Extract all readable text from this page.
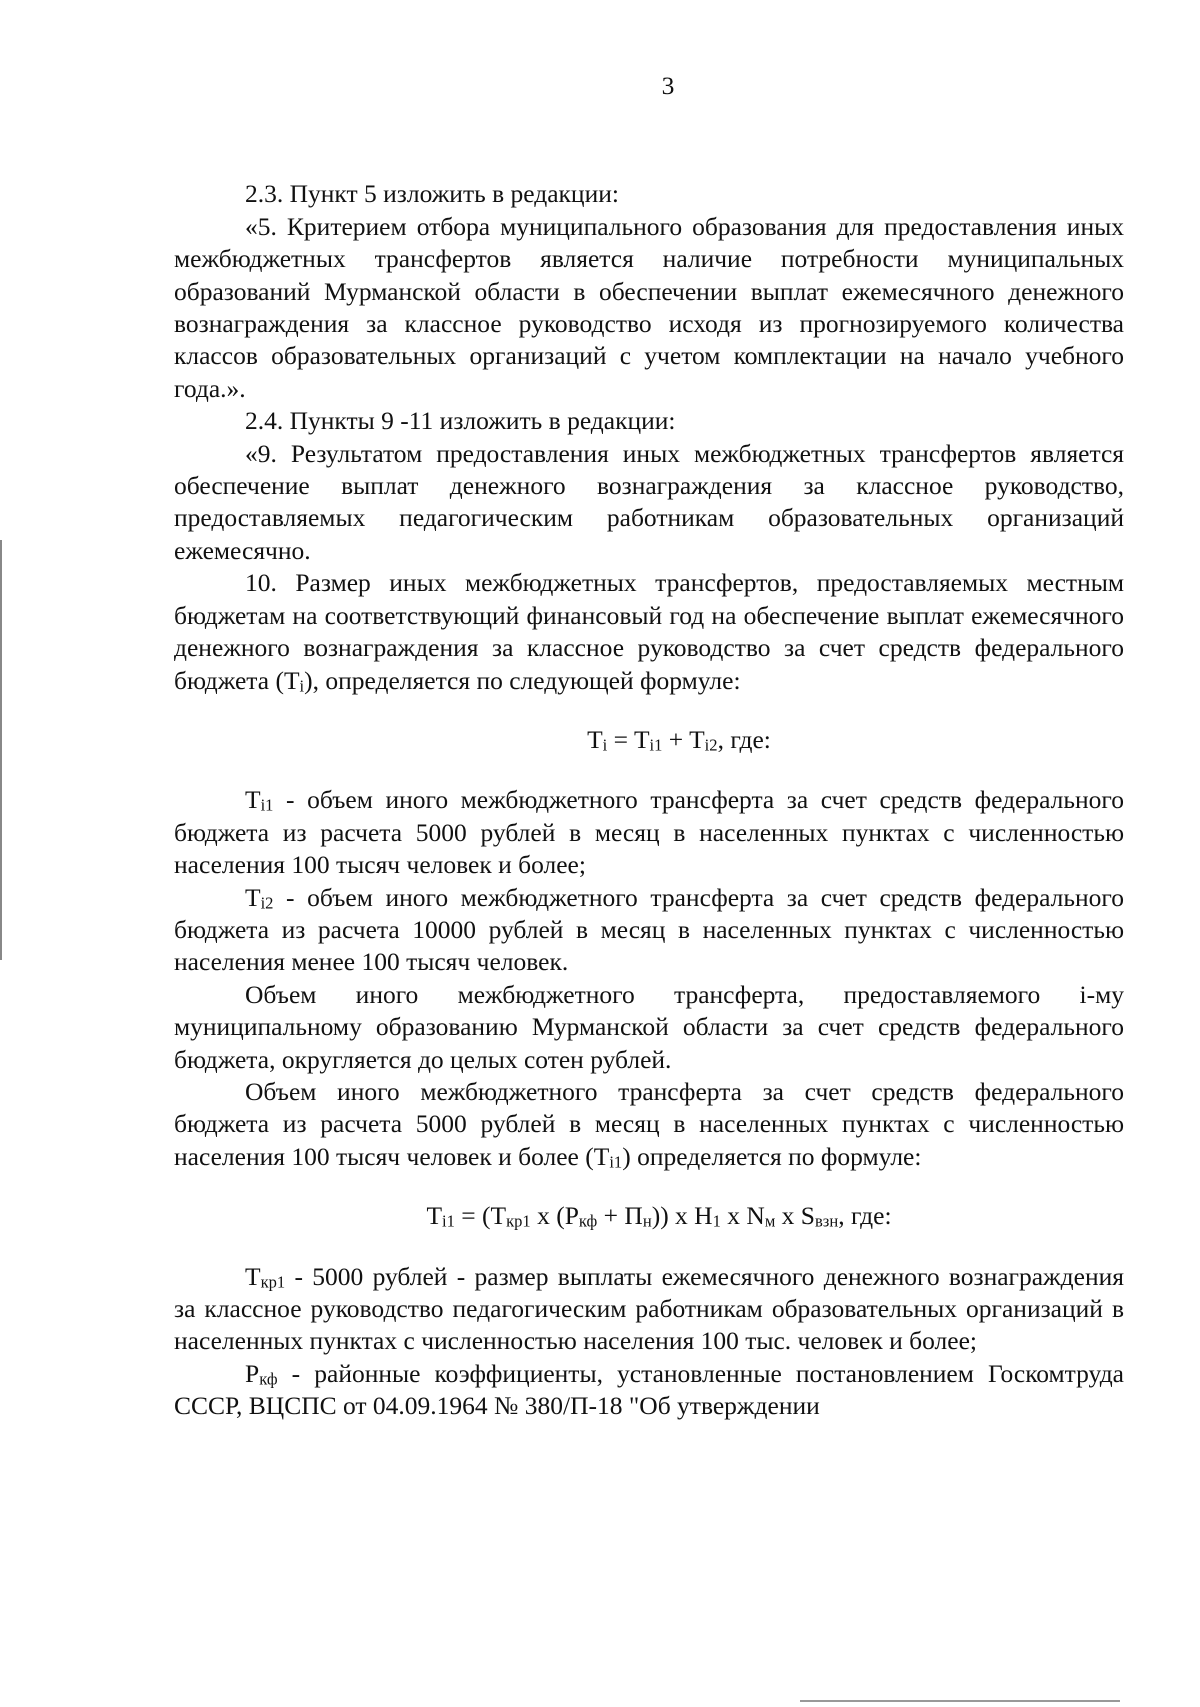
3

2.3. Пункт 5 изложить в редакции:

«5. Критерием отбора муниципального образования для предоставления иных межбюджетных трансфертов является наличие потребности муниципальных образований Мурманской области в обеспечении выплат ежемесячного денежного вознаграждения за классное руководство исходя из прогнозируемого количества классов образовательных организаций с учетом комплектации на начало учебного года.».

2.4. Пункты 9 -11 изложить в редакции:

«9. Результатом предоставления иных межбюджетных трансфертов является обеспечение выплат денежного вознаграждения за классное руководство, предоставляемых педагогическим работникам образовательных организаций ежемесячно.

10. Размер иных межбюджетных трансфертов, предоставляемых местным бюджетам на соответствующий финансовый год на обеспечение выплат ежемесячного денежного вознаграждения за классное руководство за счет средств федерального бюджета $(T_i)$, определяется по следующей формуле:

$T_i = T_{i1} + T_{i2}$, где:

$T_{i1}$ - объем иного межбюджетного трансферта за счет средств федерального бюджета из расчета 5000 рублей в месяц в населенных пунктах с численностью населения 100 тысяч человек и более;

$T_{i2}$ - объем иного межбюджетного трансферта за счет средств федерального бюджета из расчета 10000 рублей в месяц в населенных пунктах с численностью населения менее 100 тысяч человек.

Объем иного межбюджетного трансферта, предоставляемого i-му муниципальному образованию Мурманской области за счет средств федерального бюджета, округляется до целых сотен рублей.

Объем иного межбюджетного трансферта за счет средств федерального бюджета из расчета 5000 рублей в месяц в населенных пунктах с численностью населения 100 тысяч человек и более $(T_{i1})$ определяется по формуле:

$T_{i1} = (T_{кр1}$ x $(P_{кф} + П_н)$) x $H_1$ x $N_м$ x $S_{взн}$, где:

$T_{кр1} - 5000$ рублей - размер выплаты ежемесячного денежного вознаграждения за классное руководство педагогическим работникам образовательных организаций в населенных пунктах с численностью населения 100 тыс. человек и более;

$P_{кф}$ - районные коэффициенты, установленные постановлением Госкомтруда СССР, ВЦСПС от 04.09.1964 № 380/П-18 "Об утверждении
